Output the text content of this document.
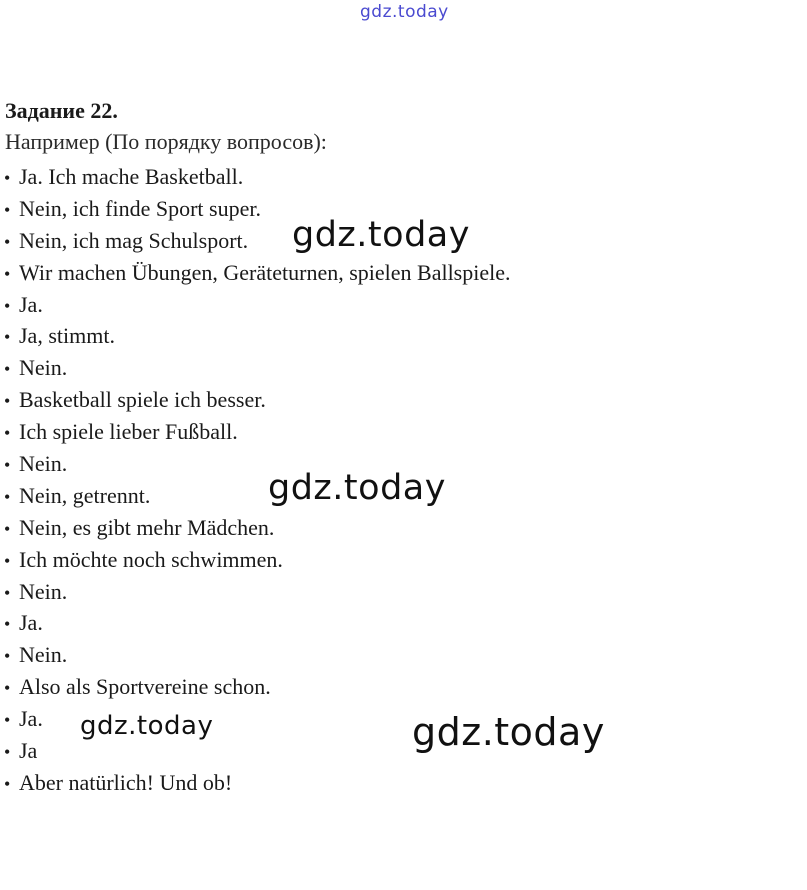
gdz.today
Задание 22.
Например (По порядку вопросов):
• Ja. Ich mache Basketball.
• Nein, ich finde Sport super.
• Nein, ich mag Schulsport.
• Wir machen Übungen, Geräteturnen, spielen Ballspiele.
• Ja.
• Ja, stimmt.
• Nein.
• Basketball spiele ich besser.
• Ich spiele lieber Fußball.
• Nein.
• Nein, getrennt.
• Nein, es gibt mehr Mädchen.
• Ich möchte noch schwimmen.
• Nein.
• Ja.
• Nein.
• Also als Sportvereine schon.
• Ja.
• Ja
• Aber natürlich! Und ob!
gdz.today
gdz.today
gdz.today	gdz.today
